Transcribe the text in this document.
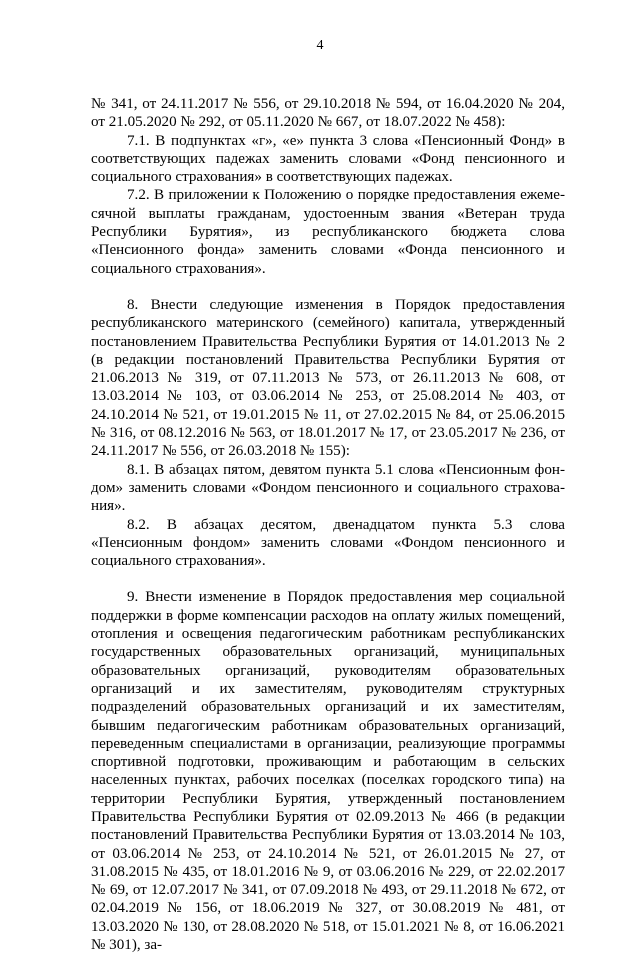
4

№ 341, от 24.11.2017 № 556, от 29.10.2018 № 594, от 16.04.2020 № 204, от 21.05.2020 № 292, от 05.11.2020 № 667, от 18.07.2022 № 458):

7.1. В подпунктах «г», «е» пункта 3 слова «Пенсионный Фонд» в соответствующих падежах заменить словами «Фонд пенсионного и социального страхования» в соответствующих падежах.

7.2. В приложении к Положению о порядке предоставления ежемесячной выплаты гражданам, удостоенным звания «Ветеран труда Республики Бурятия», из республиканского бюджета слова «Пенсионного фонда» заменить словами «Фонда пенсионного и социального страхования».

8. Внести следующие изменения в Порядок предоставления республиканского материнского (семейного) капитала, утвержденный постановлением Правительства Республики Бурятия от 14.01.2013 № 2 (в редакции постановлений Правительства Республики Бурятия от 21.06.2013 № 319, от 07.11.2013 № 573, от 26.11.2013 № 608, от 13.03.2014 № 103, от 03.06.2014 № 253, от 25.08.2014 № 403, от 24.10.2014 № 521, от 19.01.2015 № 11, от 27.02.2015 № 84, от 25.06.2015 № 316, от 08.12.2016 № 563, от 18.01.2017 № 17, от 23.05.2017 № 236, от 24.11.2017 № 556, от 26.03.2018 № 155):

8.1. В абзацах пятом, девятом пункта 5.1 слова «Пенсионным фондом» заменить словами «Фондом пенсионного и социального страхования».

8.2. В абзацах десятом, двенадцатом пункта 5.3 слова «Пенсионным фондом» заменить словами «Фондом пенсионного и социального страхования».

9. Внести изменение в Порядок предоставления мер социальной поддержки в форме компенсации расходов на оплату жилых помещений, отопления и освещения педагогическим работникам республиканских государственных образовательных организаций, муниципальных образовательных организаций, руководителям образовательных организаций и их заместителям, руководителям структурных подразделений образовательных организаций и их заместителям, бывшим педагогическим работникам образовательных организаций, переведенным специалистами в организации, реализующие программы спортивной подготовки, проживающим и работающим в сельских населенных пунктах, рабочих поселках (поселках городского типа) на территории Республики Бурятия, утвержденный постановлением Правительства Республики Бурятия от 02.09.2013 № 466 (в редакции постановлений Правительства Республики Бурятия от 13.03.2014 № 103, от 03.06.2014 № 253, от 24.10.2014 № 521, от 26.01.2015 № 27, от 31.08.2015 № 435, от 18.01.2016 № 9, от 03.06.2016 № 229, от 22.02.2017 № 69, от 12.07.2017 № 341, от 07.09.2018 № 493, от 29.11.2018 № 672, от 02.04.2019 № 156, от 18.06.2019 № 327, от 30.08.2019 № 481, от 13.03.2020 № 130, от 28.08.2020 № 518, от 15.01.2021 № 8, от 16.06.2021 № 301), за-
